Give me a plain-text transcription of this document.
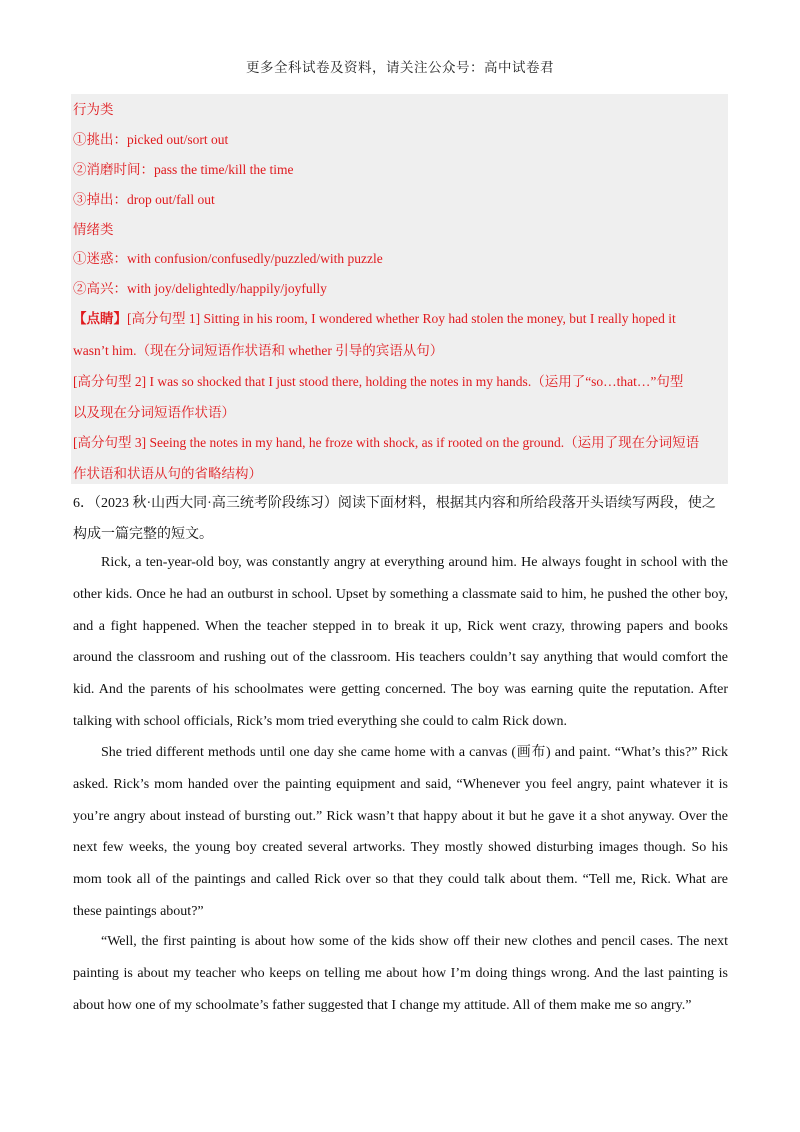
更多全科试卷及资料，请关注公众号：高中试卷君
行为类
①挑出：picked out/sort out
②消磨时间：pass the time/kill the time
③掉出：drop out/fall out
情绪类
①迷惑：with confusion/confusedly/puzzled/with puzzle
②高兴：with joy/delightedly/happily/joyfully
【点睛】[高分句型 1] Sitting in his room, I wondered whether Roy had stolen the money, but I really hoped it
wasn’t him.（现在分词短语作状语和 whether 引导的宾语从句）
[高分句型 2] I was so shocked that I just stood there, holding the notes in my hands.（运用了“so…that…”句型
以及现在分词短语作状语）
[高分句型 3] Seeing the notes in my hand, he froze with shock, as if rooted on the ground.（运用了现在分词短语
作状语和状语从句的省略结构）
6．（2023 秋·山西大同·高三统考阶段练习）阅读下面材料，根据其内容和所给段落开头语续写两段，使之
构成一篇完整的短文。

Rick, a ten-year-old boy, was constantly angry at everything around him. He always fought in school with the other kids. Once he had an outburst in school. Upset by something a classmate said to him, he pushed the other boy, and a fight happened. When the teacher stepped in to break it up, Rick went crazy, throwing papers and books around the classroom and rushing out of the classroom. His teachers couldn’t say anything that would comfort the kid. And the parents of his schoolmates were getting concerned. The boy was earning quite the reputation. After talking with school officials, Rick’s mom tried everything she could to calm Rick down.

She tried different methods until one day she came home with a canvas (画布) and paint. “What’s this?” Rick asked. Rick’s mom handed over the painting equipment and said, “Whenever you feel angry, paint whatever it is you’re angry about instead of bursting out.” Rick wasn’t that happy about it but he gave it a shot anyway. Over the next few weeks, the young boy created several artworks. They mostly showed disturbing images though. So his mom took all of the paintings and called Rick over so that they could talk about them. “Tell me, Rick. What are these paintings about?”

“Well, the first painting is about how some of the kids show off their new clothes and pencil cases. The next painting is about my teacher who keeps on telling me about how I’m doing things wrong. And the last painting is about how one of my schoolmate’s father suggested that I change my attitude. All of them make me so angry.”
